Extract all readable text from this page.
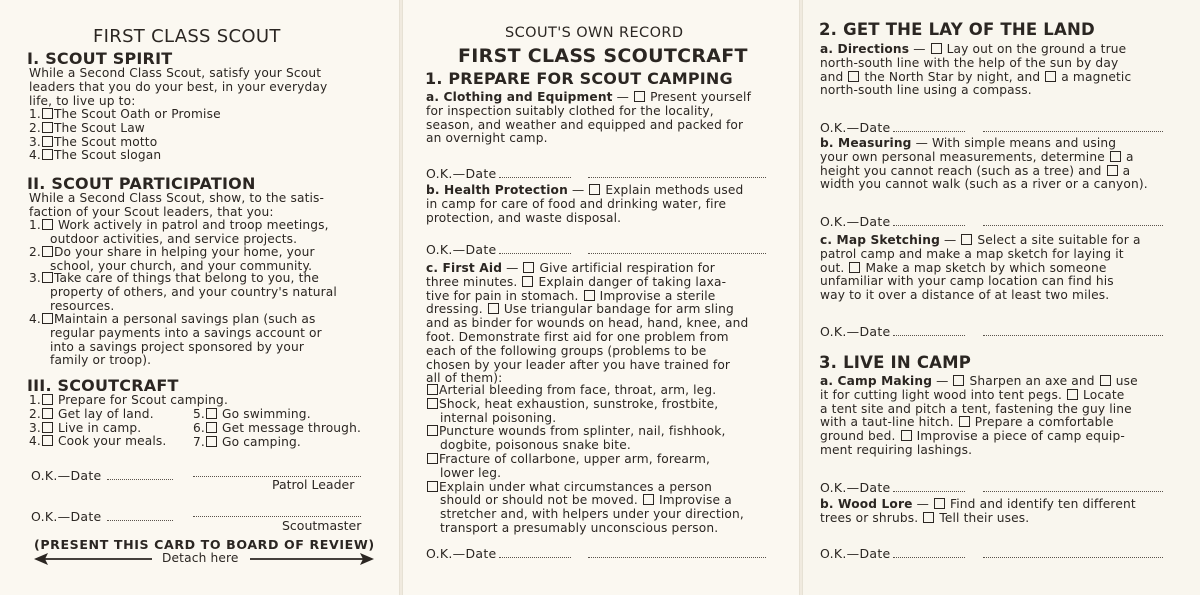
FIRST CLASS SCOUT
I. SCOUT SPIRIT
While a Second Class Scout, satisfy your Scout
leaders that you do your best, in your everyday
life, to live up to:
1. The Scout Oath or Promise
2. The Scout Law
3. The Scout motto
4. The Scout slogan
II. SCOUT PARTICIPATION
While a Second Class Scout, show, to the satis-
faction of your Scout leaders, that you:
1. Work actively in patrol and troop meetings,
outdoor activities, and service projects.
2. Do your share in helping your home, your
school, your church, and your community.
3. Take care of things that belong to you, the
property of others, and your country's natural
resources.
4. Maintain a personal savings plan (such as
regular payments into a savings account or
into a savings project sponsored by your
family or troop).
III. SCOUTCRAFT
1. Prepare for Scout camping.
2. Get lay of land.
3. Live in camp.
4. Cook your meals.
5. Go swimming.
6. Get message through.
7. Go camping.
O.K.—Date
Patrol Leader
O.K.—Date
Scoutmaster
(PRESENT THIS CARD TO BOARD OF REVIEW)
Detach here
SCOUT'S OWN RECORD
FIRST CLASS SCOUTCRAFT
1. PREPARE FOR SCOUT CAMPING
a. Clothing and Equipment — Present yourself
for inspection suitably clothed for the locality,
season, and weather and equipped and packed for
an overnight camp.
O.K.—Date
b. Health Protection — Explain methods used
in camp for care of food and drinking water, fire
protection, and waste disposal.
O.K.—Date
c. First Aid — Give artificial respiration for
three minutes. Explain danger of taking laxa-
tive for pain in stomach. Improvise a sterile
dressing. Use triangular bandage for arm sling
and as binder for wounds on head, hand, knee, and
foot. Demonstrate first aid for one problem from
each of the following groups (problems to be
chosen by your leader after you have trained for
all of them):
Arterial bleeding from face, throat, arm, leg.
Shock, heat exhaustion, sunstroke, frostbite,
internal poisoning.
Puncture wounds from splinter, nail, fishhook,
dogbite, poisonous snake bite.
Fracture of collarbone, upper arm, forearm,
lower leg.
Explain under what circumstances a person
should or should not be moved. Improvise a
stretcher and, with helpers under your direction,
transport a presumably unconscious person.
O.K.—Date
2. GET THE LAY OF THE LAND
a. Directions — Lay out on the ground a true
north-south line with the help of the sun by day
and the North Star by night, and a magnetic
north-south line using a compass.
O.K.—Date
b. Measuring — With simple means and using
your own personal measurements, determine a
height you cannot reach (such as a tree) and a
width you cannot walk (such as a river or a canyon).
O.K.—Date
c. Map Sketching — Select a site suitable for a
patrol camp and make a map sketch for laying it
out. Make a map sketch by which someone
unfamiliar with your camp location can find his
way to it over a distance of at least two miles.
O.K.—Date
3. LIVE IN CAMP
a. Camp Making — Sharpen an axe and use
it for cutting light wood into tent pegs. Locate
a tent site and pitch a tent, fastening the guy line
with a taut-line hitch. Prepare a comfortable
ground bed. Improvise a piece of camp equip-
ment requiring lashings.
O.K.—Date
b. Wood Lore — Find and identify ten different
trees or shrubs. Tell their uses.
O.K.—Date
